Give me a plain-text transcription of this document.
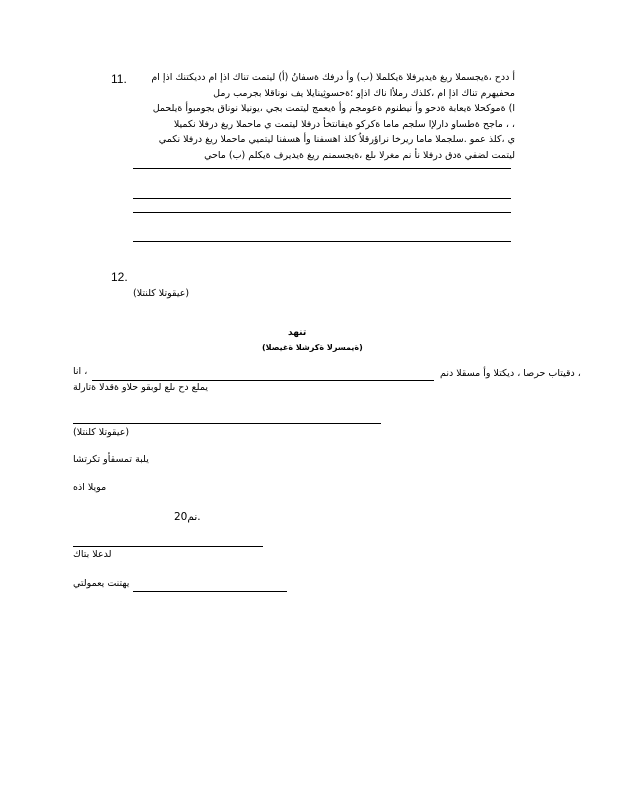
11.	أ ددح ،ةيجسملا ريغ ةيديرفلا ةيكلملا (ب) وأ درفك ةسفانُ (أ) ليتمت تناك اذإ ام دديكتنك اذإ ام
محفيهرم تناك اذإ ام ،كلذك رملأا ناك اذإو ؛ةحسوثِينايلا يف نوناقلا بجرمب رمل
ا) ةموكحلا ةيعابة ةدحو وأ نيطنوم ةعومجم وأ ةيعمج ليتمت بجي ،يونيلا نوناق بجومبوأ ةيلحمل
ماجح ةطساو دارلإا سلجم ماما ةكركو ةيفانتخأ درفلا ليتمت ي ماحملا ريغ درفلا نكميلا ، ،
ي ،كلذ عمو .سلجملا ماما ريرخا نراؤرقلاُ كلذ اهسفنا وأ هسفنا ليتميي ماحملا ريغ درفلا نكمي
ليتمت لضفي ةدق درفلا نأ نم مغرلا ىلع ،ةيجسمنم ريغ ةيديرف ةيكلم (ب) ماحي
12.
(عيقوتلا كلنتلا)
تنهد
(ةيمسرلا ةكرشلا ةغيصلا)
انا ،	دقيتاب حرصا ، ديكتلا وأ مسقلا دنم ،
يملع دح ىلع لوبقو حلاو ةقدلا ةتارلة
(عيقوتلا كلنتلا)
يلبة تمسقأو تكرتشا
مويلا اذه
نم20.
لدعلا بتاك
يهتنت يعمولتي
